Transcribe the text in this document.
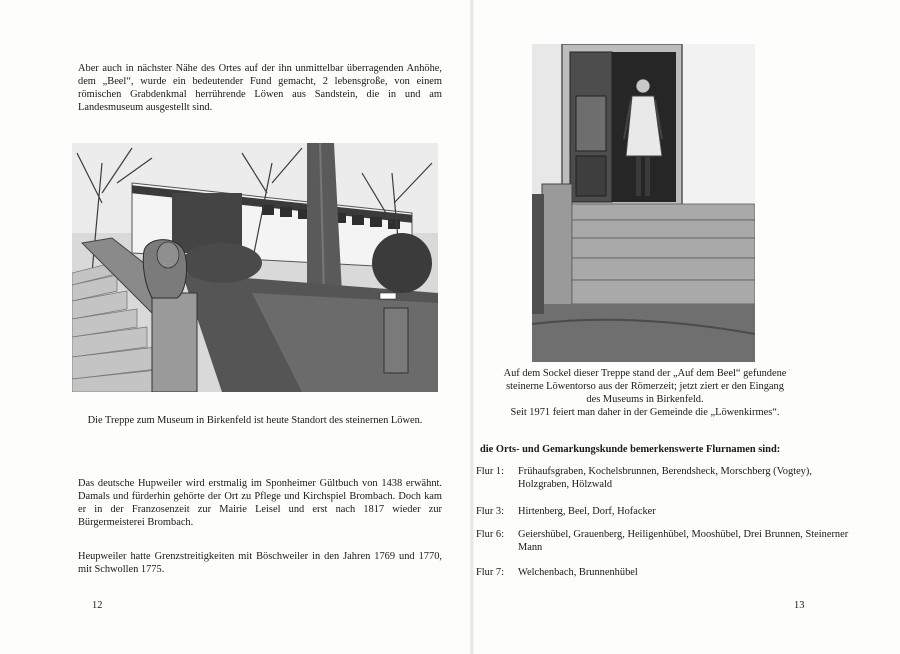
Aber auch in nächster Nähe des Ortes auf der ihn unmittelbar überragenden Anhöhe, dem „Beel“, wurde ein bedeutender Fund gemacht, 2 lebensgroße, von einem römischen Grabdenkmal herrührende Löwen aus Sandstein, die in und am Landesmuseum ausgestellt sind.

Die Treppe zum Museum in Birkenfeld ist heute Standort des steinernen Löwen.

Das deutsche Hupweiler wird erstmalig im Sponheimer Gültbuch von 1438 erwähnt. Damals und fürderhin gehörte der Ort zu Pflege und Kirchspiel Brombach. Doch kam er in der Franzosenzeit zur Mairie Leisel und erst nach 1817 wieder zur Bürgermeisterei Brombach.

Heupweiler hatte Grenzstreitigkeiten mit Böschweiler in den Jahren 1769 und 1770, mit Schwollen 1775.

12

Auf dem Sockel dieser Treppe stand der „Auf dem Beel“ gefundene
steinerne Löwentorso aus der Römerzeit; jetzt ziert er den Eingang
des Museums in Birkenfeld.
Seit 1971 feiert man daher in der Gemeinde die „Löwenkirmes“.

die Orts- und Gemarkungskunde bemerkenswerte Flurnamen sind:
Flur 1:	Frühaufsgraben, Kochelsbrunnen, Berendsheck, Morschberg (Vogtey), Holzgraben, Hölzwald
Flur 3:	Hirtenberg, Beel, Dorf, Hofacker
Flur 6:	Geiershübel, Grauenberg, Heiligenhübel, Mooshübel, Drei Brunnen, Steinerner Mann
Flur 7:	Welchenbach, Brunnenhübel
13
